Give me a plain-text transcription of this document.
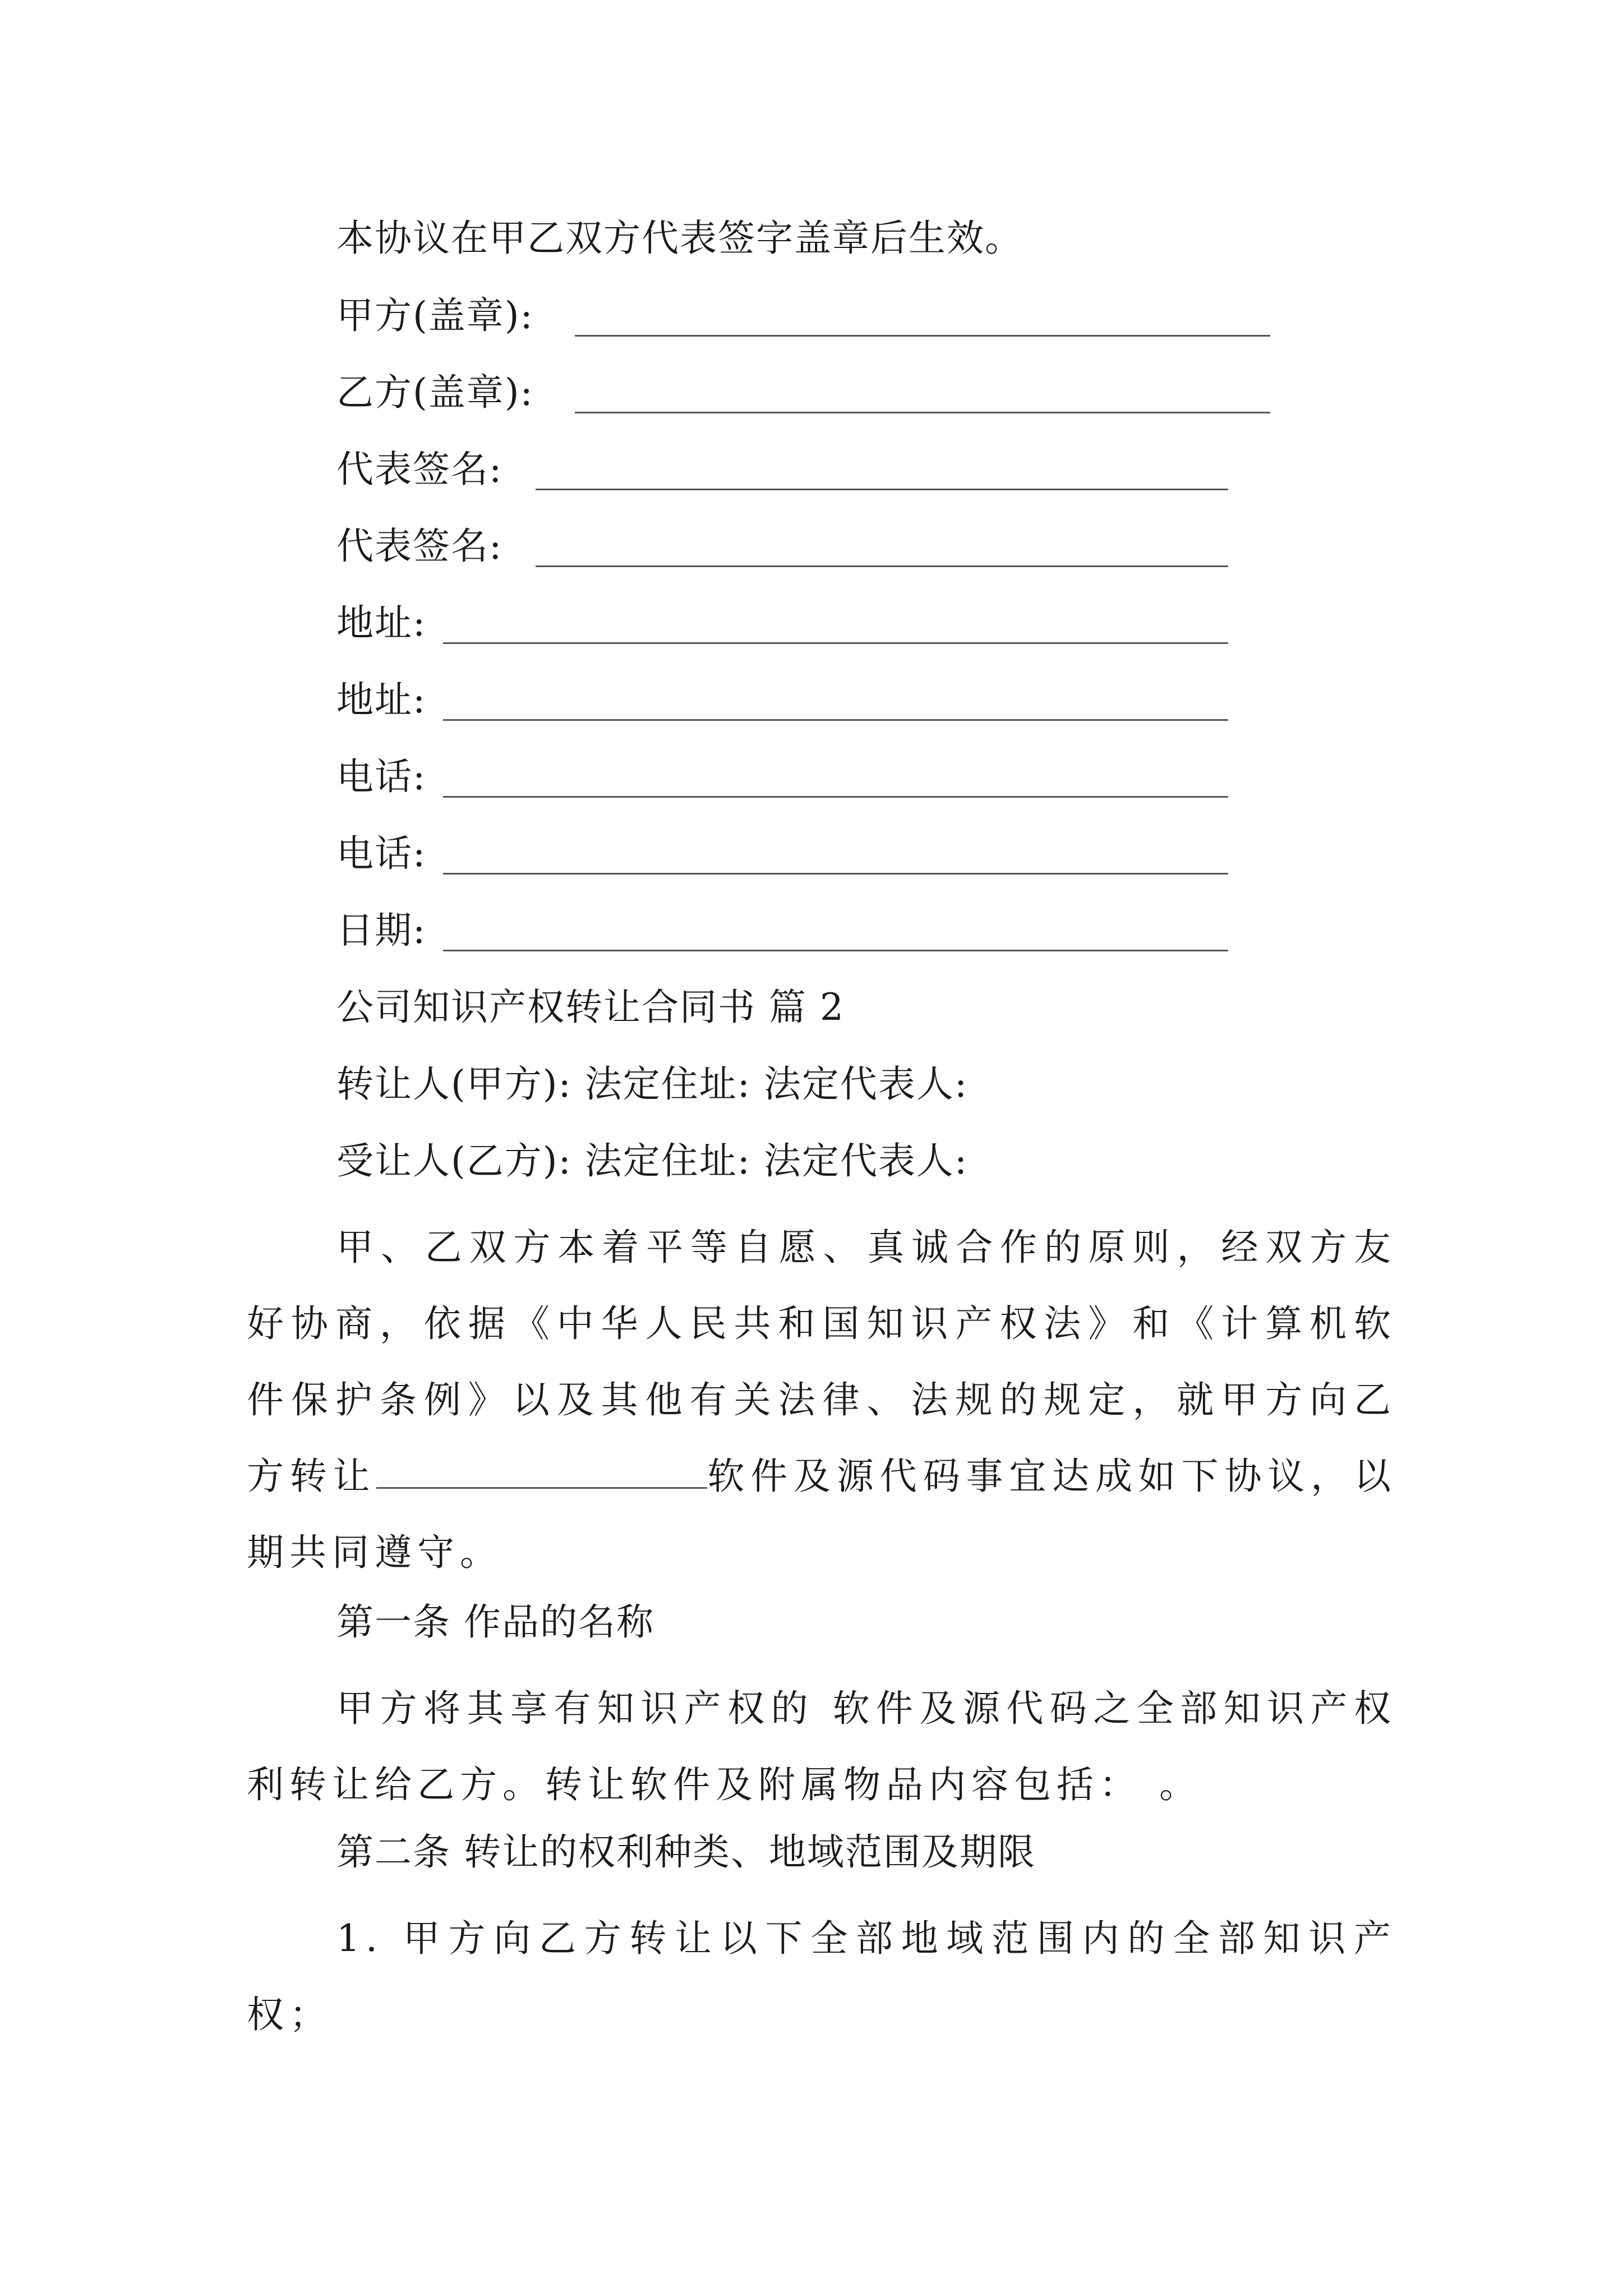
本协议在甲乙双方代表签字盖章后生效。
甲方(盖章):
乙方(盖章):
代表签名:
代表签名:
地址:
地址:
电话:
电话:
日期:
公司知识产权转让合同书 篇 2
转让人(甲方): 法定住址: 法定代表人:
受让人(乙方): 法定住址: 法定代表人:
甲、乙双方本着平等自愿、真诚合作的原则，经双方友好协商，依据《中华人民共和国知识产权法》和《计算机软件保护条例》以及其他有关法律、法规的规定，就甲方向乙方转让	软件及源代码事宜达成如下协议，以期共同遵守。
第一条 作品的名称
甲方将其享有知识产权的 软件及源代码之全部知识产权利转让给乙方。转让软件及附属物品内容包括： 。
第二条 转让的权利种类、地域范围及期限
1. 甲方向乙方转让以下全部地域范围内的全部知识产权；
